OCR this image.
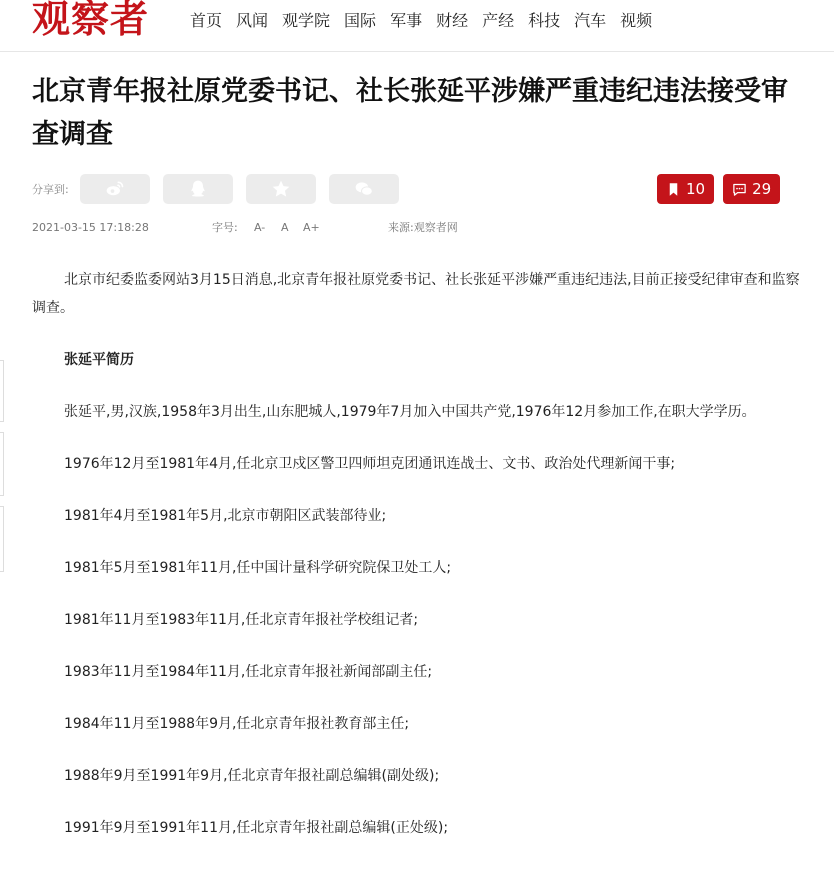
观察者	首页 风闻 观学院 国际 军事 财经 产经 科技 汽车 视频
北京青年报社原党委书记、社长张延平涉嫌严重违纪违法接受审查调查
分享到:	10	29
2021-03-15 17:18:28	字号: A- A A+	来源:观察者网

北京市纪委监委网站3月15日消息,北京青年报社原党委书记、社长张延平涉嫌严重违纪违法,目前正接受纪律审查和监察调查。

张延平简历

张延平,男,汉族,1958年3月出生,山东肥城人,1979年7月加入中国共产党,1976年12月参加工作,在职大学学历。

1976年12月至1981年4月,任北京卫戍区警卫四师坦克团通讯连战士、文书、政治处代理新闻干事;

1981年4月至1981年5月,北京市朝阳区武装部待业;

1981年5月至1981年11月,任中国计量科学研究院保卫处工人;

1981年11月至1983年11月,任北京青年报社学校组记者;

1983年11月至1984年11月,任北京青年报社新闻部副主任;

1984年11月至1988年9月,任北京青年报社教育部主任;

1988年9月至1991年9月,任北京青年报社副总编辑(副处级);

1991年9月至1991年11月,任北京青年报社副总编辑(正处级);
